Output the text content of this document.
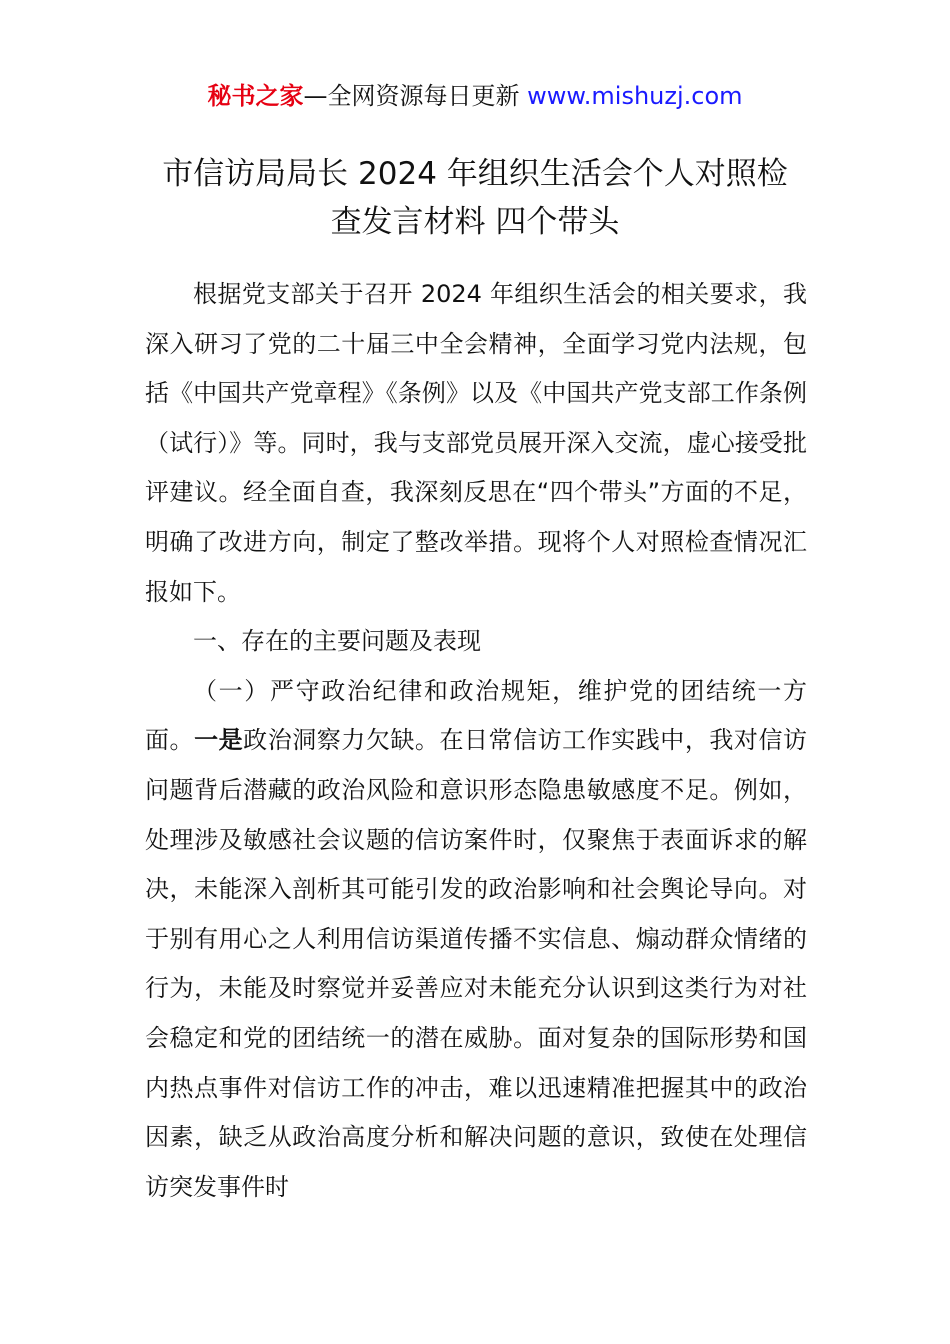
秘书之家—全网资源每日更新 www.mishuzj.com
市信访局局长 2024 年组织生活会个人对照检
查发言材料 四个带头

根据党支部关于召开 2024 年组织生活会的相关要求，我深入研习了党的二十届三中全会精神，全面学习党内法规，包括《中国共产党章程》《条例》以及《中国共产党支部工作条例（试行）》等。同时，我与支部党员展开深入交流，虚心接受批评建议。经全面自查，我深刻反思在“四个带头”方面的不足，明确了改进方向，制定了整改举措。现将个人对照检查情况汇报如下。

一、存在的主要问题及表现

（一）严守政治纪律和政治规矩，维护党的团结统一方面。一是政治洞察力欠缺。在日常信访工作实践中，我对信访问题背后潜藏的政治风险和意识形态隐患敏感度不足。例如，处理涉及敏感社会议题的信访案件时，仅聚焦于表面诉求的解决，未能深入剖析其可能引发的政治影响和社会舆论导向。对于别有用心之人利用信访渠道传播不实信息、煽动群众情绪的行为，未能及时察觉并妥善应对未能充分认识到这类行为对社会稳定和党的团结统一的潜在威胁。面对复杂的国际形势和国内热点事件对信访工作的冲击，难以迅速精准把握其中的政治因素，缺乏从政治高度分析和解决问题的意识，致使在处理信访突发事件时
